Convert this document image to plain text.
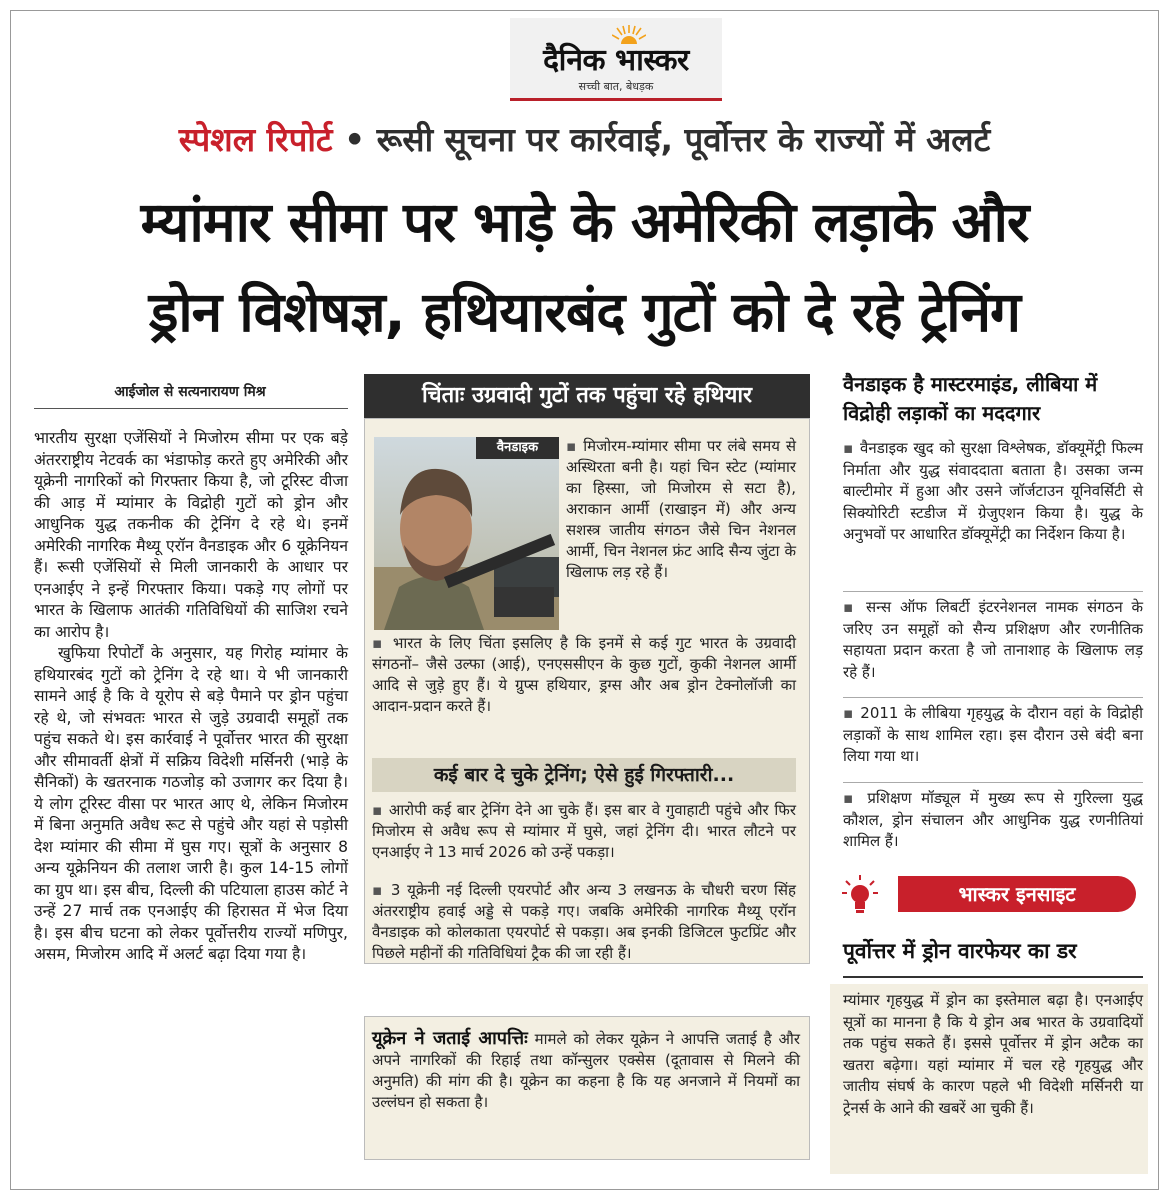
दैनिक भास्कर
सच्ची बात, बेधड़क
स्पेशल रिपोर्ट • रूसी सूचना पर कार्रवाई, पूर्वोत्तर के राज्यों में अलर्ट
म्यांमार सीमा पर भाड़े के अमेरिकी लड़ाके और
ड्रोन विशेषज्ञ, हथियारबंद गुटों को दे रहे ट्रेनिंग
आईजोल से सत्यनारायण मिश्र

भारतीय सुरक्षा एजेंसियों ने मिजोरम सीमा पर एक बड़े अंतरराष्ट्रीय नेटवर्क का भंडाफोड़ करते हुए अमेरिकी और यूक्रेनी नागरिकों को गिरफ्तार किया है, जो टूरिस्ट वीजा की आड़ में म्यांमार के विद्रोही गुटों को ड्रोन और आधुनिक युद्ध तकनीक की ट्रेनिंग दे रहे थे। इनमें अमेरिकी नागरिक मैथ्यू एरॉन वैनडाइक और 6 यूक्रेनियन हैं। रूसी एजेंसियों से मिली जानकारी के आधार पर एनआईए ने इन्हें गिरफ्तार किया। पकड़े गए लोगों पर भारत के खिलाफ आतंकी गतिविधियों की साजिश रचने का आरोप है।

खुफिया रिपोर्टों के अनुसार, यह गिरोह म्यांमार के हथियारबंद गुटों को ट्रेनिंग दे रहे था। ये भी जानकारी सामने आई है कि वे यूरोप से बड़े पैमाने पर ड्रोन पहुंचा रहे थे, जो संभवतः भारत से जुड़े उग्रवादी समूहों तक पहुंच सकते थे। इस कार्रवाई ने पूर्वोत्तर भारत की सुरक्षा और सीमावर्ती क्षेत्रों में सक्रिय विदेशी मर्सिनरी (भाड़े के सैनिकों) के खतरनाक गठजोड़ को उजागर कर दिया है। ये लोग टूरिस्ट वीसा पर भारत आए थे, लेकिन मिजोरम में बिना अनुमति अवैध रूट से पहुंचे और यहां से पड़ोसी देश म्यांमार की सीमा में घुस गए। सूत्रों के अनुसार 8 अन्य यूक्रेनियन की तलाश जारी है। कुल 14-15 लोगों का ग्रुप था। इस बीच, दिल्ली की पटियाला हाउस कोर्ट ने उन्हें 27 मार्च तक एनआईए की हिरासत में भेज दिया है। इस बीच घटना को लेकर पूर्वोत्तरीय राज्यों मणिपुर, असम, मिजोरम आदि में अलर्ट बढ़ा दिया गया है।

चिंताः उग्रवादी गुटों तक पहुंचा रहे हथियार
वैनडाइक	▪ मिजोरम-म्यांमार सीमा पर लंबे समय से अस्थिरता बनी है। यहां चिन स्टेट (म्यांमार का हिस्सा, जो मिजोरम से सटा है), अराकान आर्मी (राखाइन में) और अन्य सशस्त्र जातीय संगठन जैसे चिन नेशनल आर्मी, चिन नेशनल फ्रंट आदि सैन्य जुंटा के खिलाफ लड़ रहे हैं।
▪ भारत के लिए चिंता इसलिए है कि इनमें से कई गुट भारत के उग्रवादी संगठनों– जैसे उल्फा (आई), एनएससीएन के कुछ गुटों, कुकी नेशनल आर्मी आदि से जुड़े हुए हैं। ये ग्रुप्स हथियार, ड्रग्स और अब ड्रोन टेक्नोलॉजी का आदान-प्रदान करते हैं।
कई बार दे चुके ट्रेनिंग; ऐसे हुई गिरफ्तारी...
▪ आरोपी कई बार ट्रेनिंग देने आ चुके हैं। इस बार वे गुवाहाटी पहुंचे और फिर मिजोरम से अवैध रूप से म्यांमार में घुसे, जहां ट्रेनिंग दी। भारत लौटने पर एनआईए ने 13 मार्च 2026 को उन्हें पकड़ा।
▪ 3 यूक्रेनी नई दिल्ली एयरपोर्ट और अन्य 3 लखनऊ के चौधरी चरण सिंह अंतरराष्ट्रीय हवाई अड्डे से पकड़े गए। जबकि अमेरिकी नागरिक मैथ्यू एरॉन वैनडाइक को कोलकाता एयरपोर्ट से पकड़ा। अब इनकी डिजिटल फुटप्रिंट और पिछले महीनों की गतिविधियां ट्रैक की जा रही हैं।
यूक्रेन ने जताई आपत्तिः मामले को लेकर यूक्रेन ने आपत्ति जताई है और अपने नागरिकों की रिहाई तथा कॉन्सुलर एक्सेस (दूतावास से मिलने की अनुमति) की मांग की है। यूक्रेन का कहना है कि यह अनजाने में नियमों का उल्लंघन हो सकता है।
वैनडाइक है मास्टरमाइंड, लीबिया में विद्रोही लड़ाकों का मददगार
▪ वैनडाइक खुद को सुरक्षा विश्लेषक, डॉक्यूमेंट्री फिल्म निर्माता और युद्ध संवाददाता बताता है। उसका जन्म बाल्टीमोर में हुआ और उसने जॉर्जटाउन यूनिवर्सिटी से सिक्योरिटी स्टडीज में ग्रेजुएशन किया है। युद्ध के अनुभवों पर आधारित डॉक्यूमेंट्री का निर्देशन किया है।
▪ सन्स ऑफ लिबर्टी इंटरनेशनल नामक संगठन के जरिए उन समूहों को सैन्य प्रशिक्षण और रणनीतिक सहायता प्रदान करता है जो तानाशाह के खिलाफ लड़ रहे हैं।
▪ 2011 के लीबिया गृहयुद्ध के दौरान वहां के विद्रोही लड़ाकों के साथ शामिल रहा। इस दौरान उसे बंदी बना लिया गया था।
▪ प्रशिक्षण मॉड्यूल में मुख्य रूप से गुरिल्ला युद्ध कौशल, ड्रोन संचालन और आधुनिक युद्ध रणनीतियां शामिल हैं।
भास्कर इनसाइट
पूर्वोत्तर में ड्रोन वारफेयर का डर
म्यांमार गृहयुद्ध में ड्रोन का इस्तेमाल बढ़ा है। एनआईए सूत्रों का मानना है कि ये ड्रोन अब भारत के उग्रवादियों तक पहुंच सकते हैं। इससे पूर्वोत्तर में ड्रोन अटैक का खतरा बढ़ेगा। यहां म्यांमार में चल रहे गृहयुद्ध और जातीय संघर्ष के कारण पहले भी विदेशी मर्सिनरी या ट्रेनर्स के आने की खबरें आ चुकी हैं।
